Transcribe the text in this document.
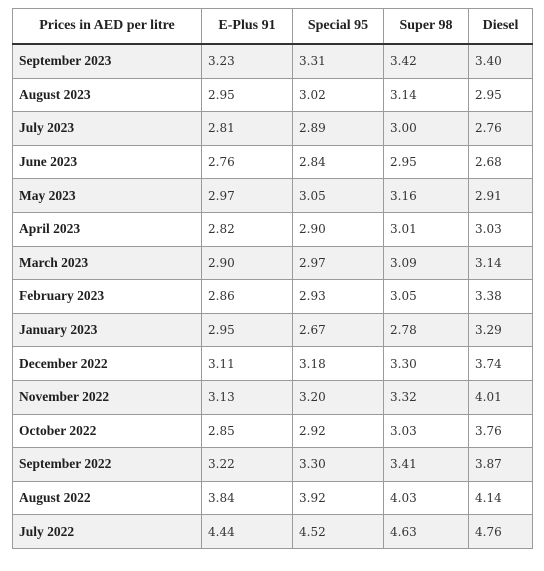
Prices in AED per litre	E-Plus 91	Special 95	Super 98	Diesel
September 2023	3.23	3.31	3.42	3.40
August 2023	2.95	3.02	3.14	2.95
July 2023	2.81	2.89	3.00	2.76
June 2023	2.76	2.84	2.95	2.68
May 2023	2.97	3.05	3.16	2.91
April 2023	2.82	2.90	3.01	3.03
March 2023	2.90	2.97	3.09	3.14
February 2023	2.86	2.93	3.05	3.38
January 2023	2.95	2.67	2.78	3.29
December 2022	3.11	3.18	3.30	3.74
November 2022	3.13	3.20	3.32	4.01
October 2022	2.85	2.92	3.03	3.76
September 2022	3.22	3.30	3.41	3.87
August 2022	3.84	3.92	4.03	4.14
July 2022	4.44	4.52	4.63	4.76
